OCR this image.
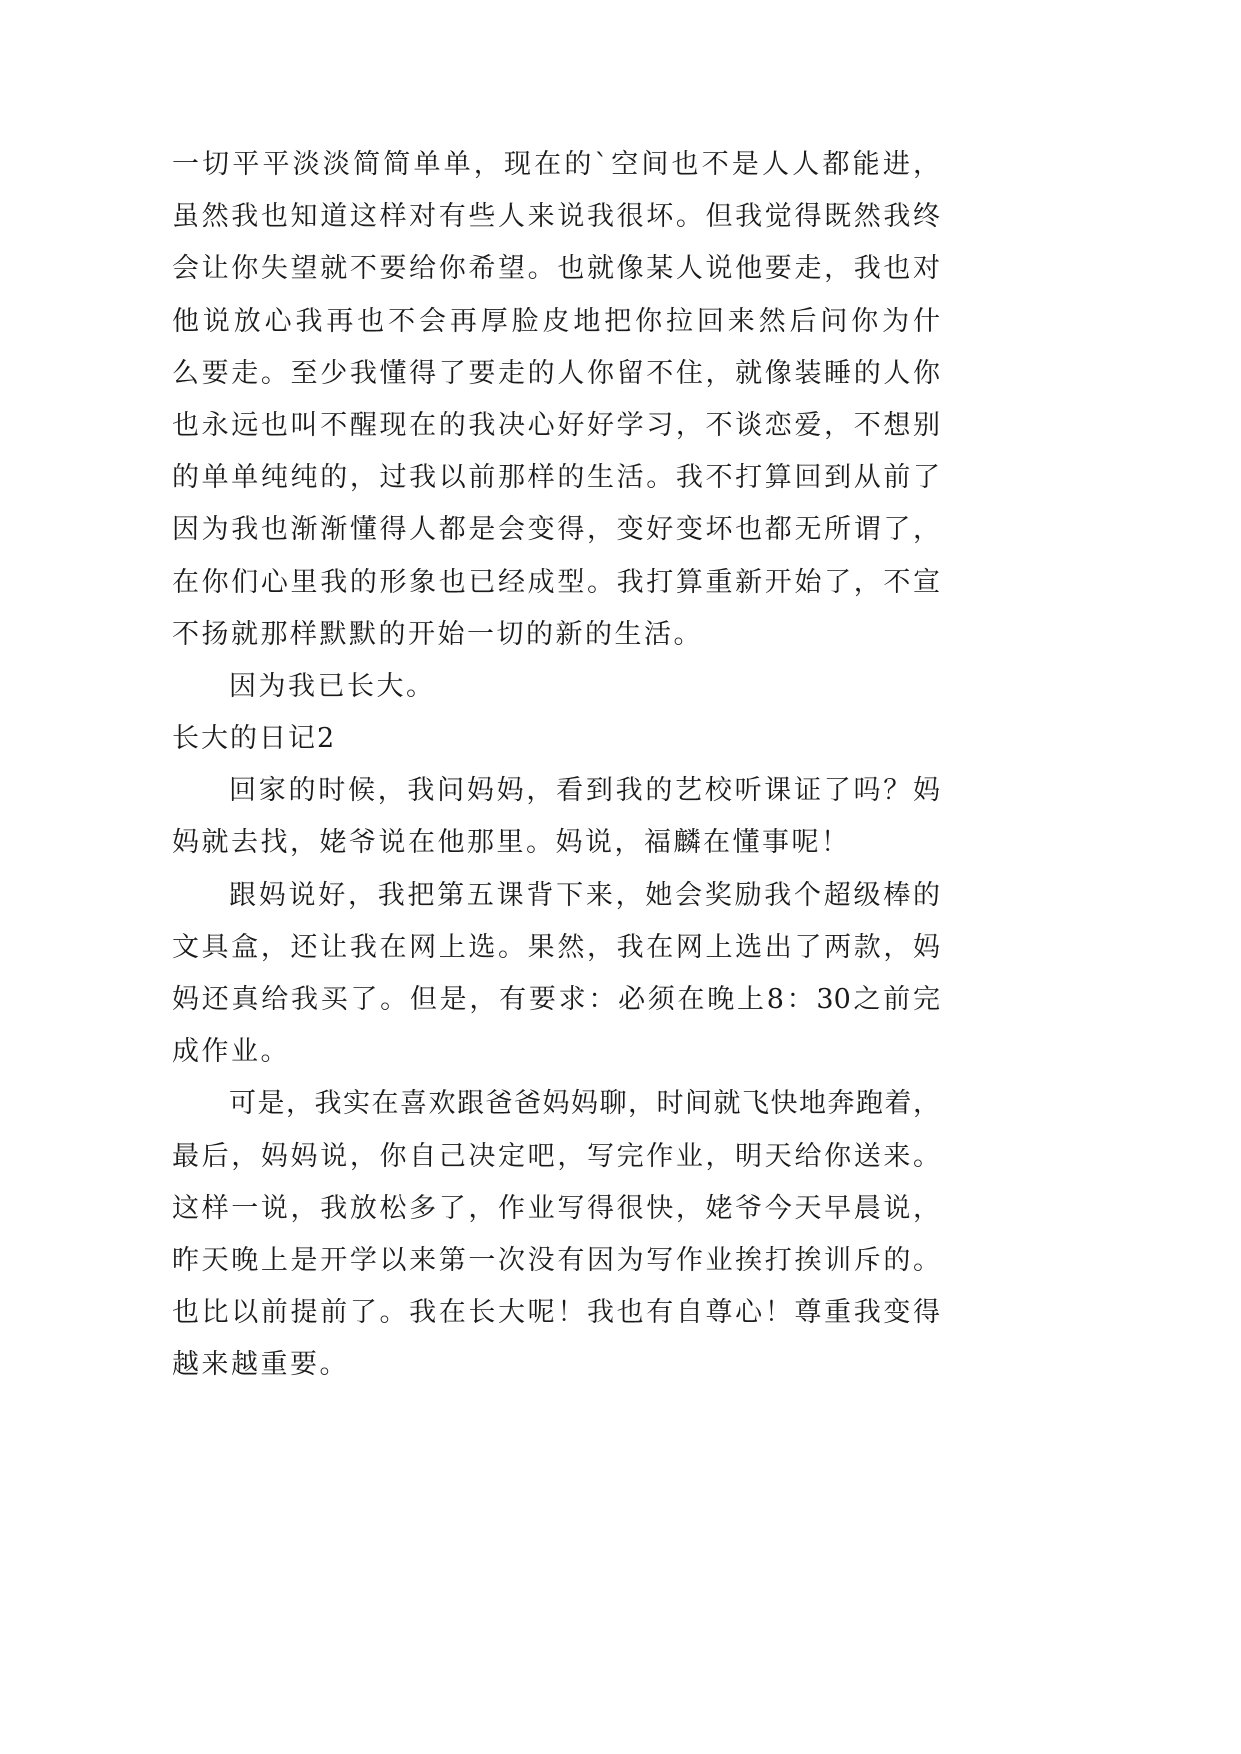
一切平平淡淡简简单单，现在的`空间也不是人人都能进，
虽然我也知道这样对有些人来说我很坏。但我觉得既然我终
会让你失望就不要给你希望。也就像某人说他要走，我也对
他说放心我再也不会再厚脸皮地把你拉回来然后问你为什
么要走。至少我懂得了要走的人你留不住，就像装睡的人你
也永远也叫不醒现在的我决心好好学习，不谈恋爱，不想别
的单单纯纯的，过我以前那样的生活。我不打算回到从前了
因为我也渐渐懂得人都是会变得，变好变坏也都无所谓了，
在你们心里我的形象也已经成型。我打算重新开始了，不宣
不扬就那样默默的开始一切的新的生活。
因为我已长大。
长大的日记2
回家的时候，我问妈妈，看到我的艺校听课证了吗？妈
妈就去找，姥爷说在他那里。妈说，福麟在懂事呢！
跟妈说好，我把第五课背下来，她会奖励我个超级棒的
文具盒，还让我在网上选。果然，我在网上选出了两款，妈
妈还真给我买了。但是，有要求：必须在晚上8：30之前完
成作业。
可是，我实在喜欢跟爸爸妈妈聊，时间就飞快地奔跑着，
最后，妈妈说，你自己决定吧，写完作业，明天给你送来。
这样一说，我放松多了，作业写得很快，姥爷今天早晨说，
昨天晚上是开学以来第一次没有因为写作业挨打挨训斥的。
也比以前提前了。我在长大呢！我也有自尊心！尊重我变得
越来越重要。
